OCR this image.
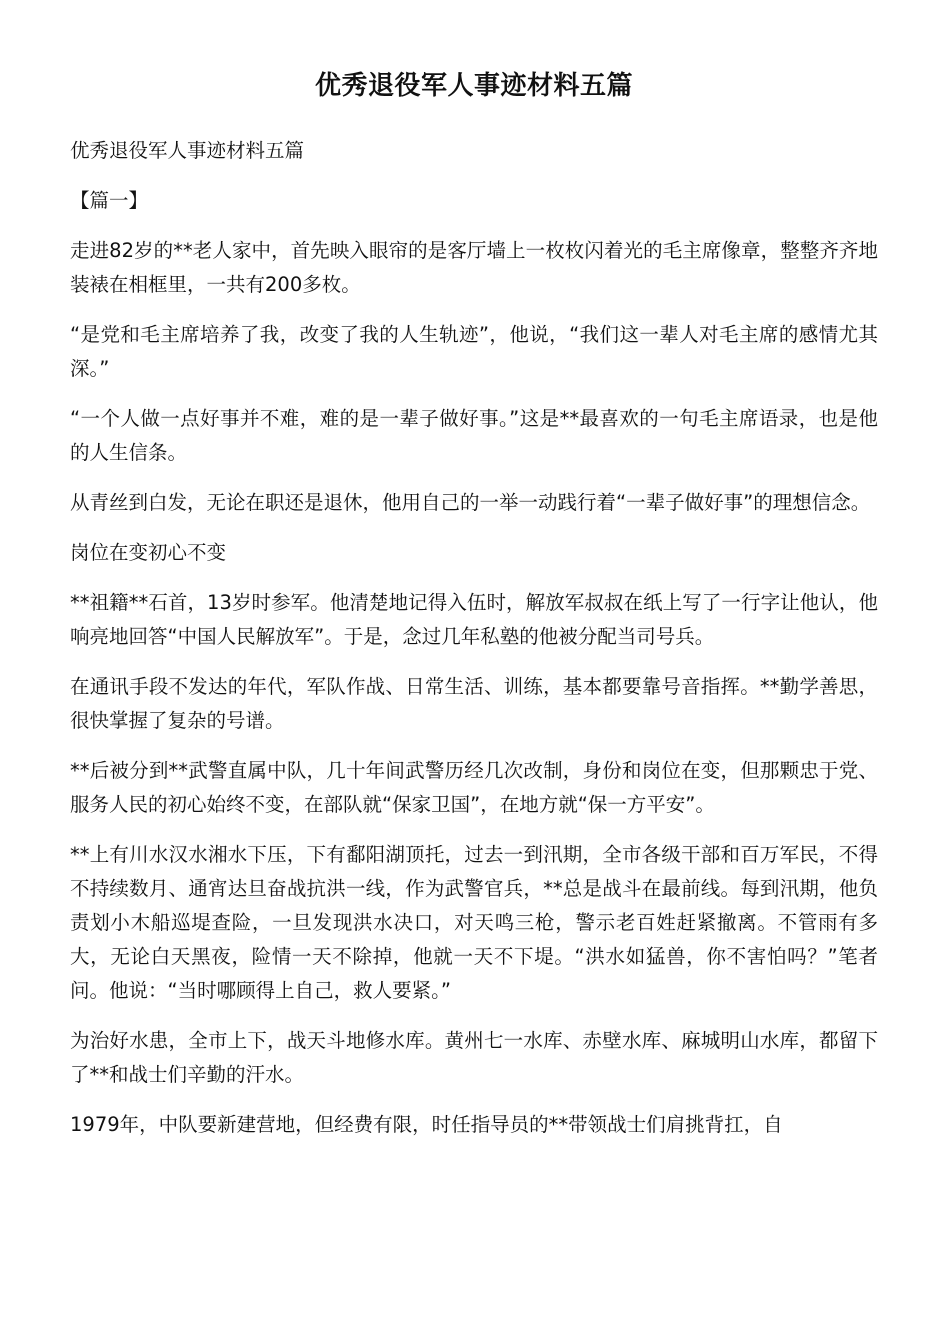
优秀退役军人事迹材料五篇

优秀退役军人事迹材料五篇

【篇一】

走进82岁的**老人家中，首先映入眼帘的是客厅墙上一枚枚闪着光的毛主席像章，整整齐齐地装裱在相框里，一共有200多枚。

“是党和毛主席培养了我，改变了我的人生轨迹”，他说，“我们这一辈人对毛主席的感情尤其深。”

“一个人做一点好事并不难，难的是一辈子做好事。”这是**最喜欢的一句毛主席语录，也是他的人生信条。

从青丝到白发，无论在职还是退休，他用自己的一举一动践行着“一辈子做好事”的理想信念。

岗位在变初心不变

**祖籍**石首，13岁时参军。他清楚地记得入伍时，解放军叔叔在纸上写了一行字让他认，他响亮地回答“中国人民解放军”。于是，念过几年私塾的他被分配当司号兵。

在通讯手段不发达的年代，军队作战、日常生活、训练，基本都要靠号音指挥。**勤学善思，很快掌握了复杂的号谱。

**后被分到**武警直属中队，几十年间武警历经几次改制，身份和岗位在变，但那颗忠于党、服务人民的初心始终不变，在部队就“保家卫国”，在地方就“保一方平安”。

**上有川水汉水湘水下压，下有鄱阳湖顶托，过去一到汛期，全市各级干部和百万军民，不得不持续数月、通宵达旦奋战抗洪一线，作为武警官兵，**总是战斗在最前线。每到汛期，他负责划小木船巡堤查险，一旦发现洪水决口，对天鸣三枪，警示老百姓赶紧撤离。不管雨有多大，无论白天黑夜，险情一天不除掉，他就一天不下堤。“洪水如猛兽，你不害怕吗？”笔者问。他说：“当时哪顾得上自己，救人要紧。”

为治好水患，全市上下，战天斗地修水库。黄州七一水库、赤壁水库、麻城明山水库，都留下了**和战士们辛勤的汗水。

1979年，中队要新建营地，但经费有限，时任指导员的**带领战士们肩挑背扛，自
